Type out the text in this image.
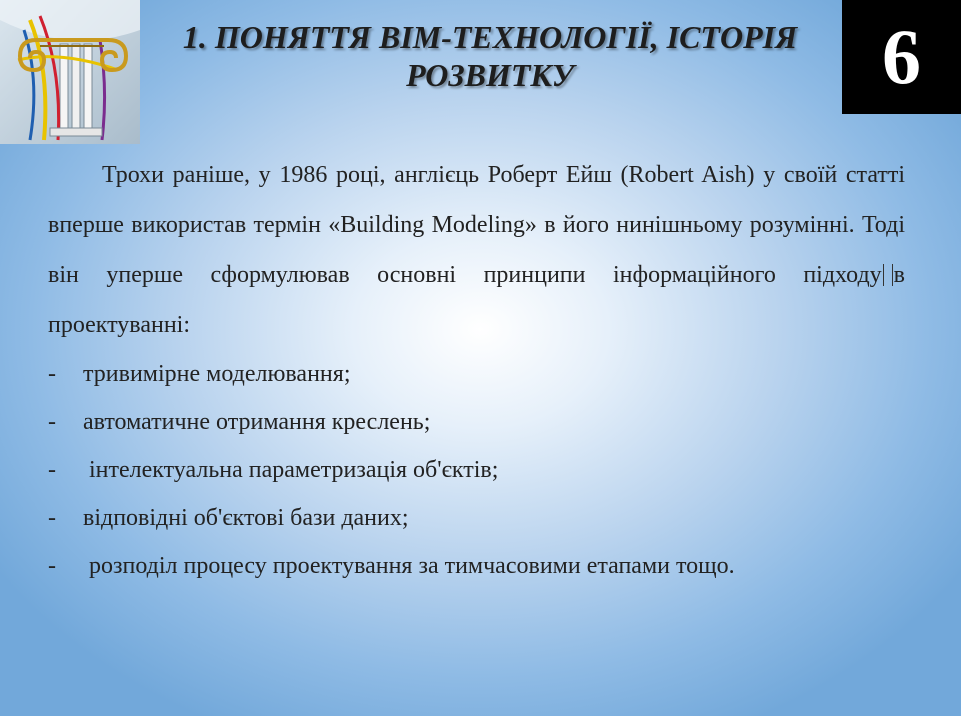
1. ПОНЯТТЯ BIM-ТЕХНОЛОГІЇ, ІСТОРІЯ
РОЗВИТКУ	6

Трохи раніше, у 1986 році, англієць Роберт Ейш (Robert Aish) у своїй статті вперше використав термін «Building Modeling» в його нинішньому розумінні. Тоді він уперше сформулював основні принципи інформаційного підходу в проектуванні:

- тривимірне моделювання;
- автоматичне отримання креслень;
- інтелектуальна параметризація об'єктів;
- відповідні об'єктові бази даних;
- розподіл процесу проектування за тимчасовими етапами тощо.
